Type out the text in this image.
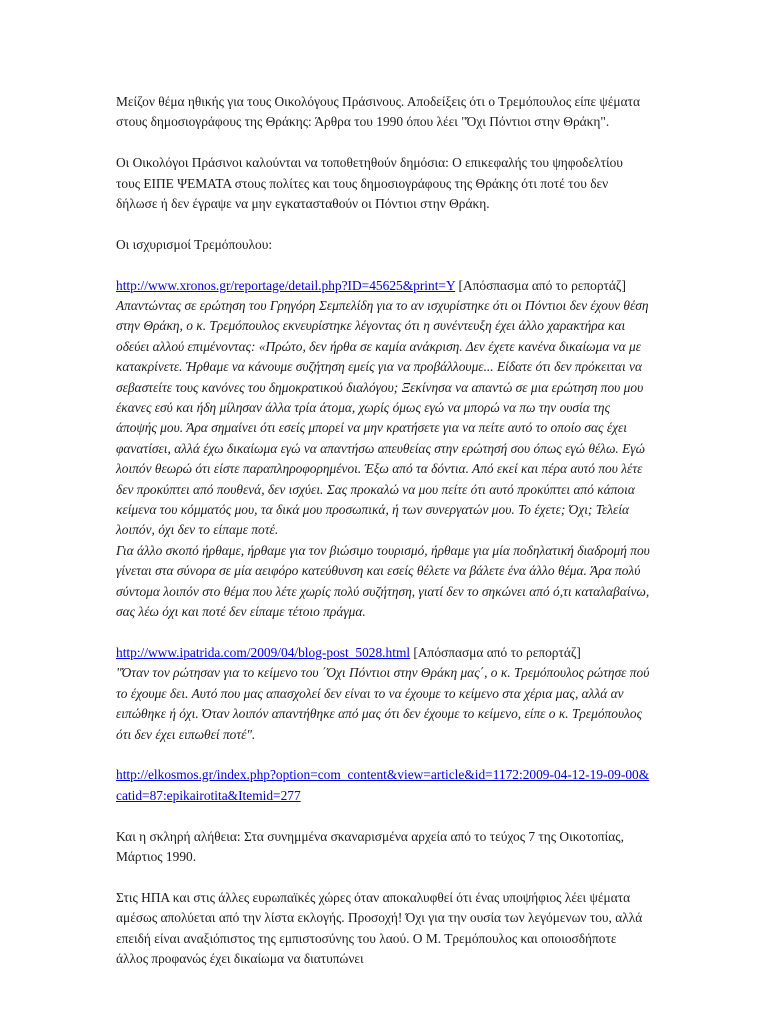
Μείζον θέμα ηθικής για τους Οικολόγους Πράσινους. Αποδείξεις ότι ο Τρεμόπουλος είπε ψέματα στους δημοσιογράφους της Θράκης: Άρθρα του 1990 όπου λέει "Όχι Πόντιοι στην Θράκη".

Οι Οικολόγοι Πράσινοι καλούνται να τοποθετηθούν δημόσια: Ο επικεφαλής του ψηφοδελτίου τους ΕΙΠΕ ΨΕΜΑΤΑ στους πολίτες και τους δημοσιογράφους της Θράκης ότι ποτέ του δεν δήλωσε ή δεν έγραψε να μην εγκατασταθούν οι Πόντιοι στην Θράκη.

Οι ισχυρισμοί Τρεμόπουλου:

http://www.xronos.gr/reportage/detail.php?ID=45625&print=Y [Απόσπασμα από το ρεπορτάζ]
Απαντώντας σε ερώτηση του Γρηγόρη Σεμπελίδη για το αν ισχυρίστηκε ότι οι Πόντιοι δεν έχουν θέση στην Θράκη, ο κ. Τρεμόπουλος εκνευρίστηκε λέγοντας ότι η συνέντευξη έχει άλλο χαρακτήρα και οδεύει αλλού επιμένοντας: «Πρώτο, δεν ήρθα σε καμία ανάκριση. Δεν έχετε κανένα δικαίωμα να με κατακρίνετε. Ήρθαμε να κάνουμε συζήτηση εμείς για να προβάλλουμε... Είδατε ότι δεν πρόκειται να σεβαστείτε τους κανόνες του δημοκρατικού διαλόγου; Ξεκίνησα να απαντώ σε μια ερώτηση που μου έκανες εσύ και ήδη μίλησαν άλλα τρία άτομα, χωρίς όμως εγώ να μπορώ να πω την ουσία της άποψής μου. Άρα σημαίνει ότι εσείς μπορεί να μην κρατήσετε για να πείτε αυτό το οποίο σας έχει φανατίσει, αλλά έχω δικαίωμα εγώ να απαντήσω απευθείας στην ερώτησή σου όπως εγώ θέλω. Εγώ λοιπόν θεωρώ ότι είστε παραπληροφορημένοι. Έξω από τα δόντια. Από εκεί και πέρα αυτό που λέτε δεν προκύπτει από πουθενά, δεν ισχύει. Σας προκαλώ να μου πείτε ότι αυτό προκύπτει από κάποια κείμενα του κόμματός μου, τα δικά μου προσωπικά, ή των συνεργατών μου. Το έχετε; Όχι; Τελεία λοιπόν, όχι δεν το είπαμε ποτέ.
Για άλλο σκοπό ήρθαμε, ήρθαμε για τον βιώσιμο τουρισμό, ήρθαμε για μία ποδηλατική διαδρομή που γίνεται στα σύνορα σε μία αειφόρο κατεύθυνση και εσείς θέλετε να βάλετε ένα άλλο θέμα. Άρα πολύ σύντομα λοιπόν στο θέμα που λέτε χωρίς πολύ συζήτηση, γιατί δεν το σηκώνει από ό,τι καταλαβαίνω, σας λέω όχι και ποτέ δεν είπαμε τέτοιο πράγμα.
http://www.ipatrida.com/2009/04/blog-post_5028.html [Απόσπασμα από το ρεπορτάζ]
"Όταν τον ρώτησαν για το κείμενο του ΄Όχι Πόντιοι στην Θράκη μας΄, ο κ. Τρεμόπουλος ρώτησε πού το έχουμε δει. Αυτό που μας απασχολεί δεν είναι το να έχουμε το κείμενο στα χέρια μας, αλλά αν ειπώθηκε ή όχι. Όταν λοιπόν απαντήθηκε από μας ότι δεν έχουμε το κείμενο, είπε ο κ. Τρεμόπουλος ότι δεν έχει ειπωθεί ποτέ".

http://elkosmos.gr/index.php?option=com_content&view=article&id=1172:2009-04-12-19-09-00&catid=87:epikairotita&Itemid=277

Και η σκληρή αλήθεια: Στα συνημμένα σκαναρισμένα αρχεία από το τεύχος 7 της Οικοτοπίας, Μάρτιος 1990.

Στις ΗΠΑ και στις άλλες ευρωπαϊκές χώρες όταν αποκαλυφθεί ότι ένας υποψήφιος λέει ψέματα αμέσως απολύεται από την λίστα εκλογής. Προσοχή! Όχι για την ουσία των λεγόμενων του, αλλά επειδή είναι αναξιόπιστος της εμπιστοσύνης του λαού. Ο Μ. Τρεμόπουλος και οποιοσδήποτε άλλος προφανώς έχει δικαίωμα να διατυπώνει
